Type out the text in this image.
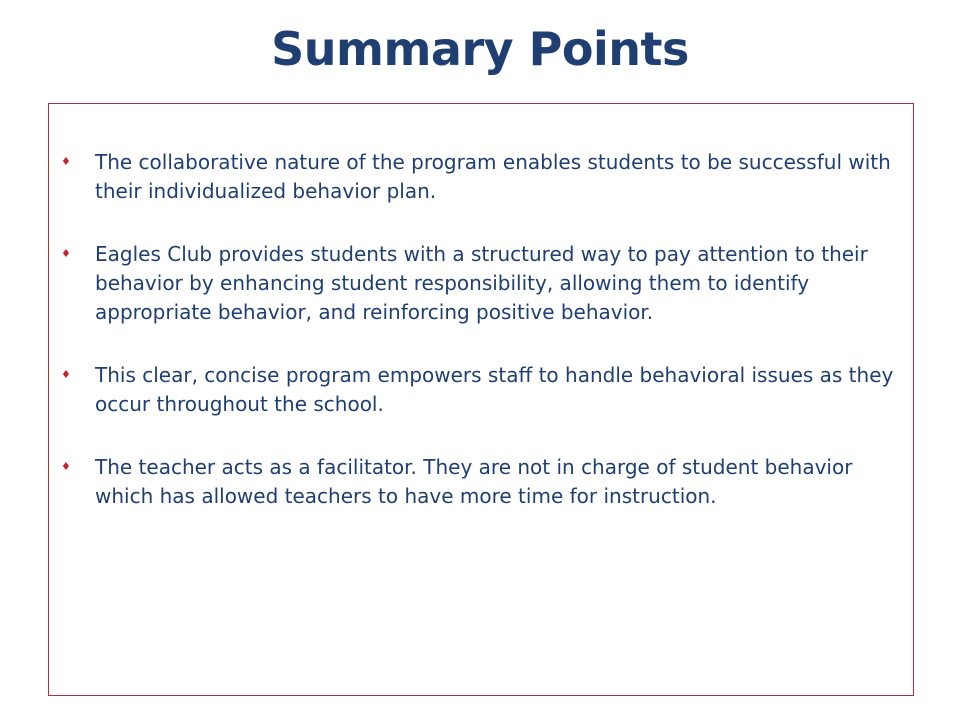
Summary Points
♦ The collaborative nature of the program enables students to be successful with their individualized behavior plan.
♦ Eagles Club provides students with a structured way to pay attention to their behavior by enhancing student responsibility, allowing them to identify appropriate behavior, and reinforcing positive behavior.
♦ This clear, concise program empowers staff to handle behavioral issues as they occur throughout the school.
♦ The teacher acts as a facilitator. They are not in charge of student behavior which has allowed teachers to have more time for instruction.
